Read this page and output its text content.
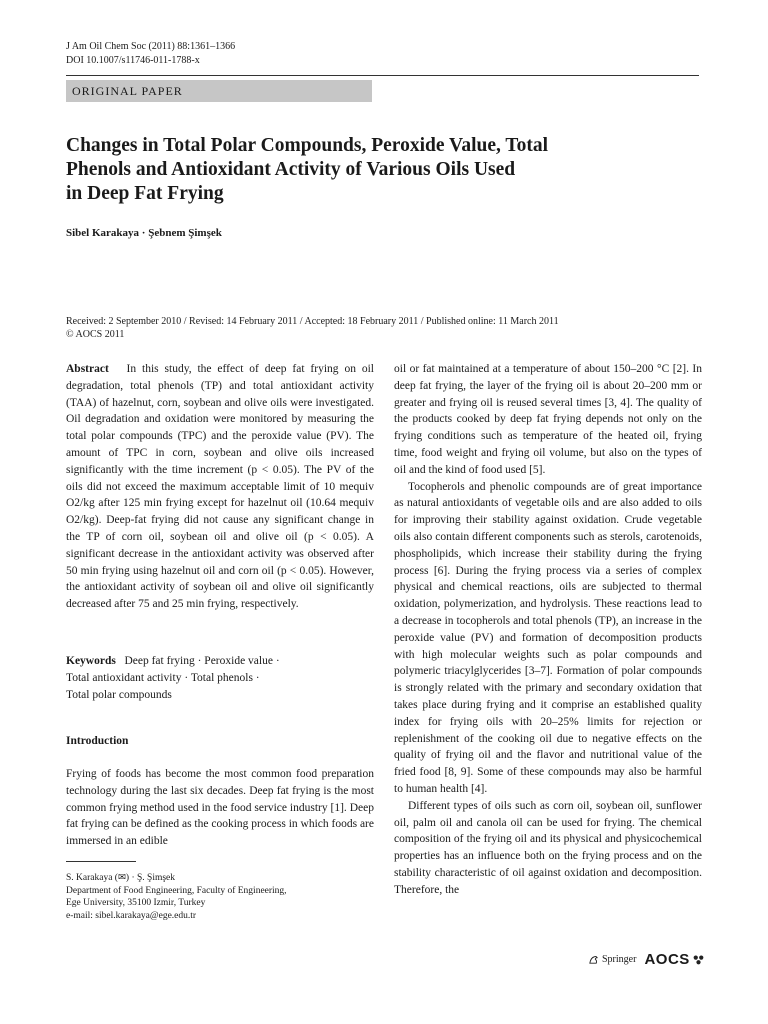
J Am Oil Chem Soc (2011) 88:1361–1366
DOI 10.1007/s11746-011-1788-x
ORIGINAL PAPER
Changes in Total Polar Compounds, Peroxide Value, Total
Phenols and Antioxidant Activity of Various Oils Used
in Deep Fat Frying
Sibel Karakaya · Şebnem Şimşek
Received: 2 September 2010 / Revised: 14 February 2011 / Accepted: 18 February 2011 / Published online: 11 March 2011
© AOCS 2011

Abstract In this study, the effect of deep fat frying on oil degradation, total phenols (TP) and total antioxidant activity (TAA) of hazelnut, corn, soybean and olive oils were investigated. Oil degradation and oxidation were monitored by measuring the total polar compounds (TPC) and the peroxide value (PV). The amount of TPC in corn, soybean and olive oils increased significantly with the time increment (p < 0.05). The PV of the oils did not exceed the maximum acceptable limit of 10 mequiv O2/kg after 125 min frying except for hazelnut oil (10.64 mequiv O2/kg). Deep-fat frying did not cause any significant change in the TP of corn oil, soybean oil and olive oil (p < 0.05). A significant decrease in the antioxidant activity was observed after 50 min frying using hazelnut oil and corn oil (p < 0.05). However, the antioxidant activity of soybean oil and olive oil significantly decreased after 75 and 25 min frying, respectively.

Keywords Deep fat frying · Peroxide value ·
Total antioxidant activity · Total phenols ·
Total polar compounds
Introduction

Frying of foods has become the most common food preparation technology during the last six decades. Deep fat frying is the most common frying method used in the food service industry [1]. Deep fat frying can be defined as the cooking process in which foods are immersed in an edible

S. Karakaya (✉) · Ş. Şimşek
Department of Food Engineering, Faculty of Engineering,
Ege University, 35100 Izmir, Turkey
e-mail: sibel.karakaya@ege.edu.tr

oil or fat maintained at a temperature of about 150–200 °C [2]. In deep fat frying, the layer of the frying oil is about 20–200 mm or greater and frying oil is reused several times [3, 4]. The quality of the products cooked by deep fat frying depends not only on the frying conditions such as temperature of the heated oil, frying time, food weight and frying oil volume, but also on the types of oil and the kind of food used [5].

Tocopherols and phenolic compounds are of great importance as natural antioxidants of vegetable oils and are also added to oils for improving their stability against oxidation. Crude vegetable oils also contain different components such as sterols, carotenoids, phospholipids, which increase their stability during the frying process [6]. During the frying process via a series of complex physical and chemical reactions, oils are subjected to thermal oxidation, polymerization, and hydrolysis. These reactions lead to a decrease in tocopherols and total phenols (TP), an increase in the peroxide value (PV) and formation of decomposition products with high molecular weights such as polar compounds and polymeric triacylglycerides [3–7]. Formation of polar compounds is strongly related with the primary and secondary oxidation that takes place during frying and it comprise an established quality index for frying oils with 20–25% limits for rejection or replenishment of the cooking oil due to negative effects on the quality of frying oil and the flavor and nutritional value of the fried food [8, 9]. Some of these compounds may also be harmful to human health [4].

Different types of oils such as corn oil, soybean oil, sunflower oil, palm oil and canola oil can be used for frying. The chemical composition of the frying oil and its physical and physicochemical properties has an influence both on the frying process and on the stability characteristic of oil against oxidation and decomposition. Therefore, the

Springer AOCS
